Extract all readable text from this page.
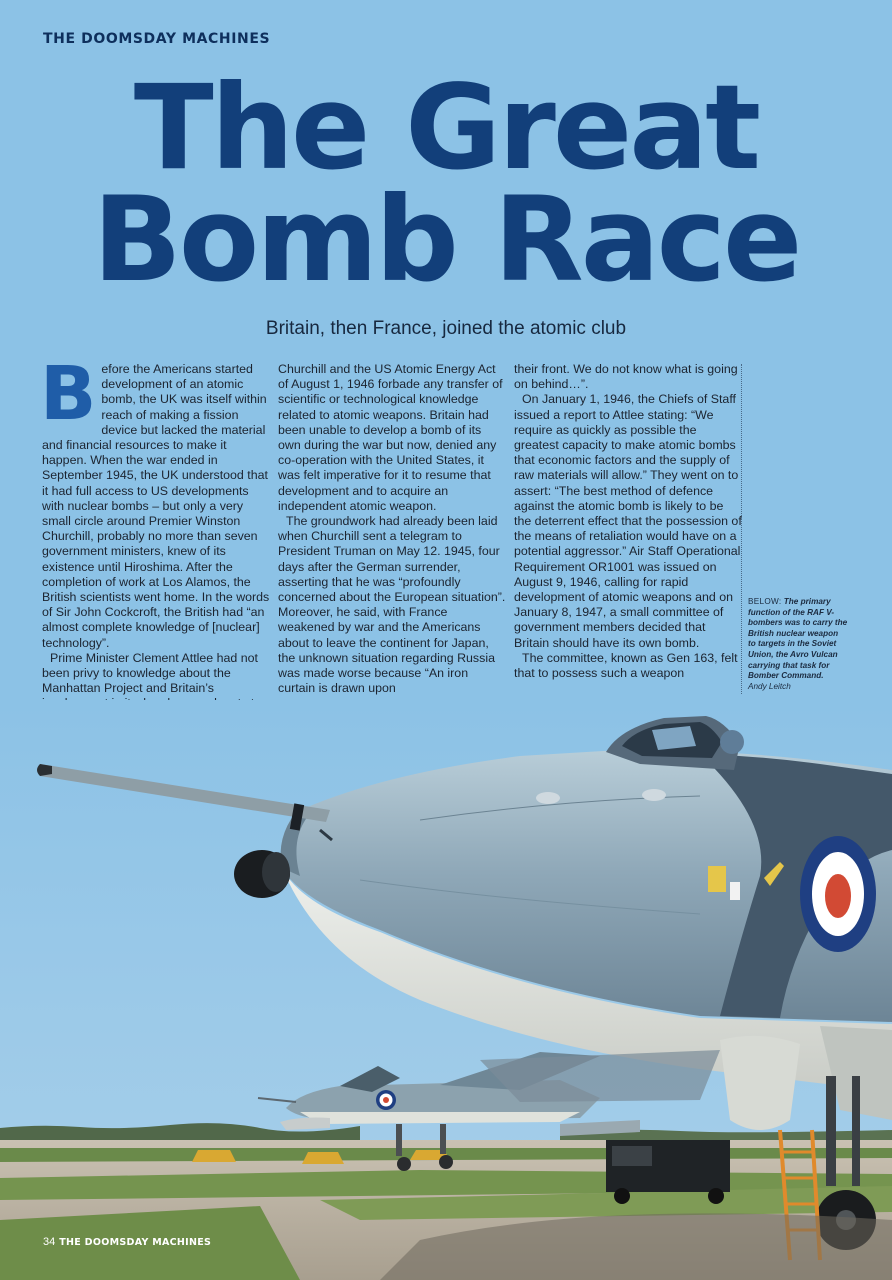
THE DOOMSDAY MACHINES
The Great
Bomb Race
Britain, then France, joined the atomic club

Before the Americans started development of an atomic bomb, the UK was itself within reach of making a fission device but lacked the material and financial resources to make it happen. When the war ended in September 1945, the UK understood that it had full access to US developments with nuclear bombs – but only a very small circle around Premier Winston Churchill, probably no more than seven government ministers, knew of its existence until Hiroshima. After the completion of work at Los Alamos, the British scientists went home. In the words of Sir John Cockcroft, the British had “an almost complete knowledge of [nuclear] technology”.

Prime Minister Clement Attlee had not been privy to knowledge about the Manhattan Project and Britain’s

Churchill and the US Atomic Energy Act of August 1, 1946 forbade any transfer of scientific or technological knowledge related to atomic weapons. Britain had been unable to develop a bomb of its own during the war but now, denied any co-operation with the United States, it was felt imperative for it to resume that development and to acquire an independent atomic weapon.

The groundwork had already been laid when Churchill sent a telegram to President Truman on May 12. 1945, four days after the German surrender, asserting that he was “profoundly concerned about the European situation”. Moreover, he said, with France weakened by war and the Americans about to leave the continent for Japan, the unknown situation regarding Russia was made worse because “An iron curtain is drawn upon

their front. We do not know what is going on behind…”.

On January 1, 1946, the Chiefs of Staff issued a report to Attlee stating: “We require as quickly as possible the greatest capacity to make atomic bombs that economic factors and the supply of raw materials will allow.” They went on to assert: “The best method of defence against the atomic bomb is likely to be the deterrent effect that the possession of the means of retaliation would have on a potential aggressor.” Air Staff Operational Requirement OR1001 was issued on August 9, 1946, calling for rapid development of atomic weapons and on January 8, 1947, a small committee of government members decided that Britain should have its own bomb.

The committee, known as Gen 163, felt that to possess such a weapon

BELOW: The primary function of the RAF V-bombers was to carry the British nuclear weapon to targets in the Soviet Union, the Avro Vulcan carrying that task for Bomber Command.
Andy Leitch
34 THE DOOMSDAY MACHINES
